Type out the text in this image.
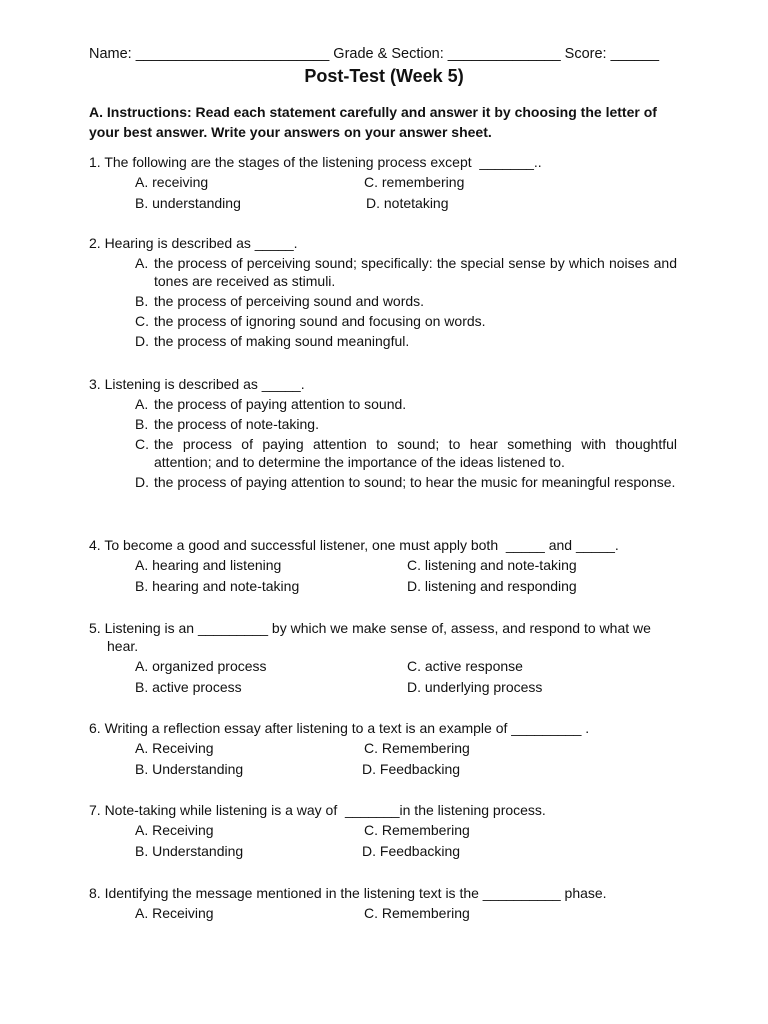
Name: ________________________ Grade & Section: ______________ Score: ______
Post-Test (Week 5)
A. Instructions: Read each statement carefully and answer it by choosing the letter of your best answer. Write your answers on your answer sheet.
1. The following are the stages of the listening process except  _______..
A. receiving	C. remembering
B. understanding	D. notetaking
2. Hearing is described as _____.
A. the process of perceiving sound; specifically: the special sense by which noises and tones are received as stimuli.
B. the process of perceiving sound and words.
C. the process of ignoring sound and focusing on words.
D. the process of making sound meaningful.
3. Listening is described as _____.
A. the process of paying attention to sound.
B. the process of note-taking.
C. the process of paying attention to sound; to hear something with thoughtful attention; and to determine the importance of the ideas listened to.
D. the process of paying attention to sound; to hear the music for meaningful response.
4. To become a good and successful listener, one must apply both  _____ and _____.
A. hearing and listening	C. listening and note-taking
B. hearing and note-taking	D. listening and responding
5. Listening is an _________ by which we make sense of, assess, and respond to what we hear.
A. organized process	C. active response
B. active process	D. underlying process
6. Writing a reflection essay after listening to a text is an example of _________ .
A. Receiving	C. Remembering
B. Understanding	D. Feedbacking
7. Note-taking while listening is a way of  _______in the listening process.
A. Receiving	C. Remembering
B. Understanding	D. Feedbacking
8. Identifying the message mentioned in the listening text is the __________ phase.
A. Receiving	C. Remembering
